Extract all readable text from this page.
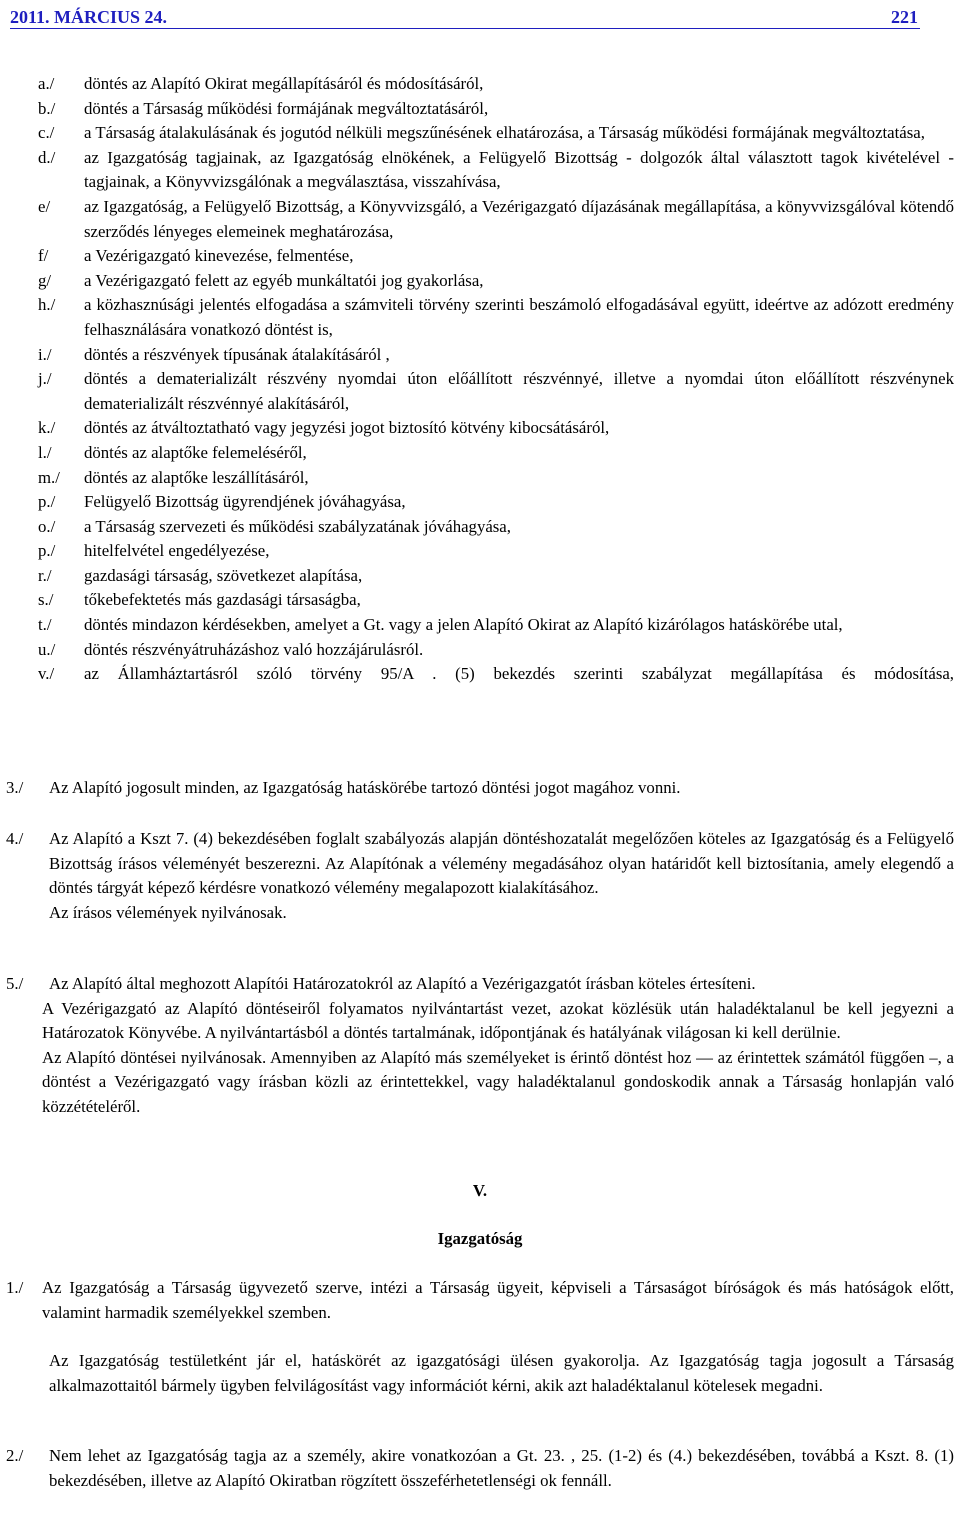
2011. MÁRCIUS 24.	221
a./ döntés az Alapító Okirat megállapításáról és módosításáról,
b./ döntés a Társaság működési formájának megváltoztatásáról,
c./ a Társaság átalakulásának és jogutód nélküli megszűnésének elhatározása, a Társaság működési formájának megváltoztatása,
d./ az Igazgatóság tagjainak, az Igazgatóság elnökének, a Felügyelő Bizottság - dolgozók által választott tagok kivételével - tagjainak, a Könyvvizsgálónak a megválasztása, visszahívása,
e/ az Igazgatóság, a Felügyelő Bizottság, a Könyvvizsgáló, a Vezérigazgató díjazásának megállapítása, a könyvvizsgálóval kötendő szerződés lényeges elemeinek meghatározása,
f/ a Vezérigazgató kinevezése, felmentése,
g/ a Vezérigazgató felett az egyéb munkáltatói jog gyakorlása,
h./ a közhasznúsági jelentés elfogadása a számviteli törvény szerinti beszámoló elfogadásával együtt, ideértve az adózott eredmény felhasználására vonatkozó döntést is,
i./ döntés a részvények típusának átalakításáról ,
j./ döntés a dematerializált részvény nyomdai úton előállított részvénnyé, illetve a nyomdai úton előállított részvénynek dematerializált részvénnyé alakításáról,
k./ döntés az átváltoztatható vagy jegyzési jogot biztosító kötvény kibocsátásáról,
l./ döntés az alaptőke felemeléséről,
m./ döntés az alaptőke leszállításáról,
p./ Felügyelő Bizottság ügyrendjének jóváhagyása,
o./ a Társaság szervezeti és működési szabályzatának jóváhagyása,
p./ hitelfelvétel engedélyezése,
r./ gazdasági társaság, szövetkezet alapítása,
s./ tőkebefektetés más gazdasági társaságba,
t./ döntés mindazon kérdésekben, amelyet a Gt. vagy a jelen Alapító Okirat az Alapító kizárólagos hatáskörébe utal,
u./ döntés részvényátruházáshoz való hozzájárulásról.
v./ az Államháztartásról szóló törvény 95/A . (5) bekezdés szerinti szabályzat megállapítása és módosítása,
3./ Az Alapító jogosult minden, az Igazgatóság hatáskörébe tartozó döntési jogot magához vonni.
4./ Az Alapító a Kszt 7. (4) bekezdésében foglalt szabályozás alapján döntéshozatalát megelőzően köteles az Igazgatóság és a Felügyelő Bizottság írásos véleményét beszerezni. Az Alapítónak a vélemény megadásához olyan határidőt kell biztosítania, amely elegendő a döntés tárgyát képező kérdésre vonatkozó vélemény megalapozott kialakításához.
Az írásos vélemények nyilvánosak.
5./ Az Alapító által meghozott Alapítói Határozatokról az Alapító a Vezérigazgatót írásban köteles értesíteni.
A Vezérigazgató az Alapító döntéseiről folyamatos nyilvántartást vezet, azokat közlésük után haladéktalanul be kell jegyezni a Határozatok Könyvébe. A nyilvántartásból a döntés tartalmának, időpontjának és hatályának világosan ki kell derülnie.
Az Alapító döntései nyilvánosak. Amennyiben az Alapító más személyeket is érintő döntést hoz — az érintettek számától függően –, a döntést a Vezérigazgató vagy írásban közli az érintettekkel, vagy haladéktalanul gondoskodik annak a Társaság honlapján való közzétételéről.
V.
Igazgatóság
1./ Az Igazgatóság a Társaság ügyvezető szerve, intézi a Társaság ügyeit, képviseli a Társaságot bíróságok és más hatóságok előtt, valamint harmadik személyekkel szemben.
Az Igazgatóság testületként jár el, hatáskörét az igazgatósági ülésen gyakorolja. Az Igazgatóság tagja jogosult a Társaság alkalmazottaitól bármely ügyben felvilágosítást vagy információt kérni, akik azt haladéktalanul kötelesek megadni.
2./ Nem lehet az Igazgatóság tagja az a személy, akire vonatkozóan a Gt. 23. , 25. (1-2) és (4.) bekezdésében, továbbá a Kszt. 8. (1) bekezdésében, illetve az Alapító Okiratban rögzített összeférhetetlenségi ok fennáll.
